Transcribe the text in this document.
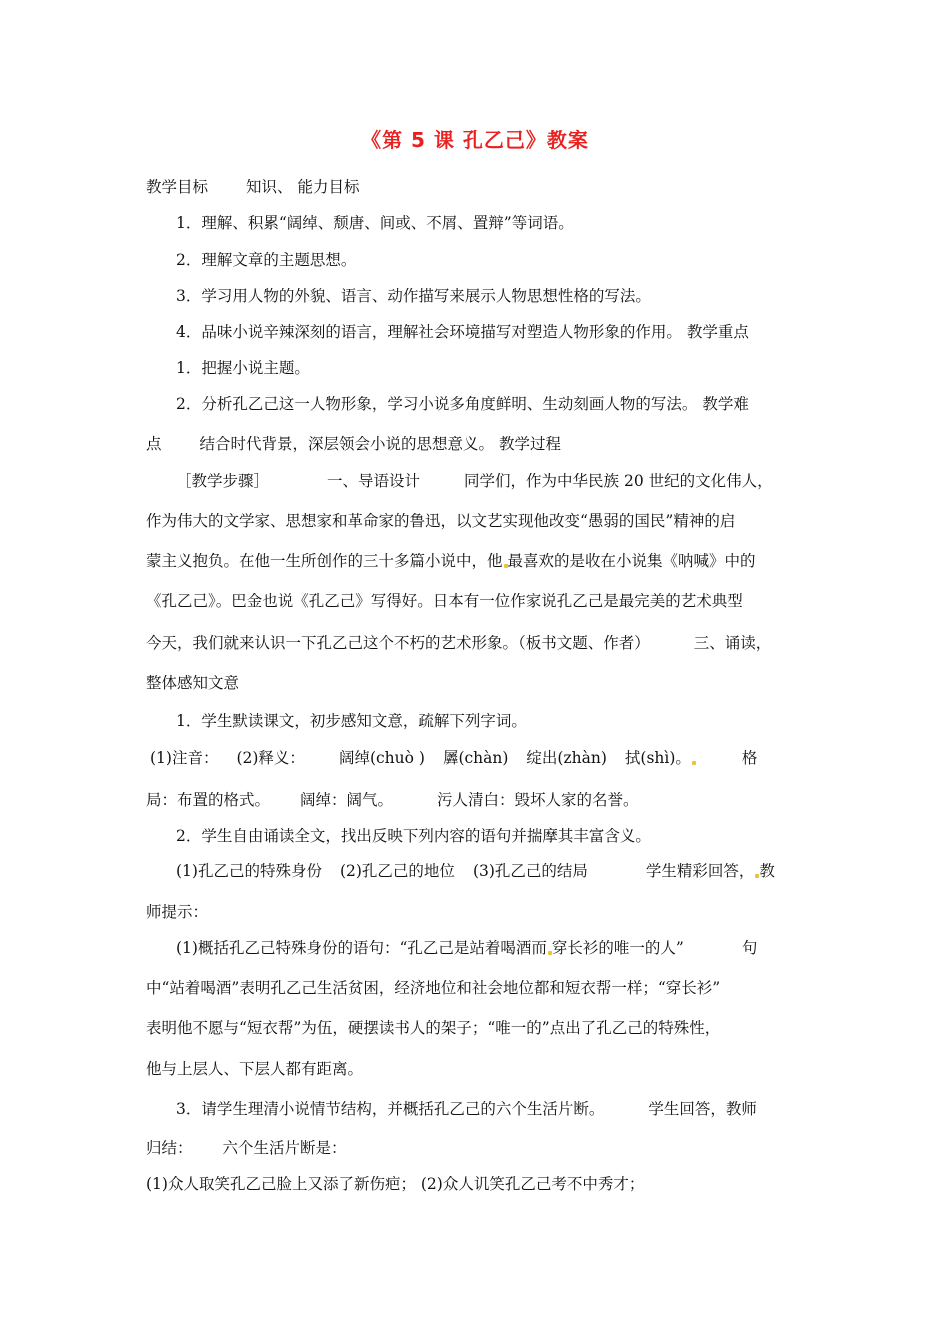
《第 5 课 孔乙己》教案
教学目标 知识、 能力目标
1．理解、积累“阔绰、颓唐、间或、不屑、置辩”等词语。
2．理解文章的主题思想。
3．学习用人物的外貌、语言、动作描写来展示人物思想性格的写法。
4．品味小说辛辣深刻的语言，理解社会环境描写对塑造人物形象的作用。 教学重点
1．把握小说主题。
2．分析孔乙己这一人物形象，学习小说多角度鲜明、生动刻画人物的写法。 教学难
点 结合时代背景，深层领会小说的思想意义。 教学过程
［教学步骤］	一、导语设计	同学们，作为中华民族 20 世纪的文化伟人，
作为伟大的文学家、思想家和革命家的鲁迅，以文艺实现他改变“愚弱的国民”精神的启
蒙主义抱负。在他一生所创作的三十多篇小说中，他 最喜欢的是收在小说集《呐喊》中的
《孔乙己》。巴金也说《孔乙己》写得好。日本有一位作家说孔乙己是最完美的艺术典型
今天，我们就来认识一下孔乙己这个不朽的艺术形象。（板书文题、作者）	三、诵读，
整体感知文意
1．学生默读课文，初步感知文意，疏解下列字词。
(1)注音： (2)释义： 阔绰(chuò ) 羼(chàn) 绽出(zhàn) 拭(shì)。	格
局：布置的格式。 阔绰：阔气。	污人清白：毁坏人家的名誉。
2．学生自由诵读全文，找出反映下列内容的语句并揣摩其丰富含义。
(1)孔乙己的特殊身份 (2)孔乙己的地位 (3)孔乙己的结局	学生精彩回答， 教
师提示：
(1)概括孔乙己特殊身份的语句：“孔乙己是站着喝酒而 穿长衫的唯一的人”	句
中“站着喝酒”表明孔乙己生活贫困，经济地位和社会地位都和短衣帮一样；“穿长衫”
表明他不愿与“短衣帮”为伍，硬摆读书人的架子；“唯一的”点出了孔乙己的特殊性，
他与上层人、下层人都有距离。
3．请学生理清小说情节结构，并概括孔乙己的六个生活片断。	学生回答，教师
归结： 六个生活片断是：
(1)众人取笑孔乙己脸上又添了新伤疤； (2)众人讥笑孔乙己考不中秀才；
